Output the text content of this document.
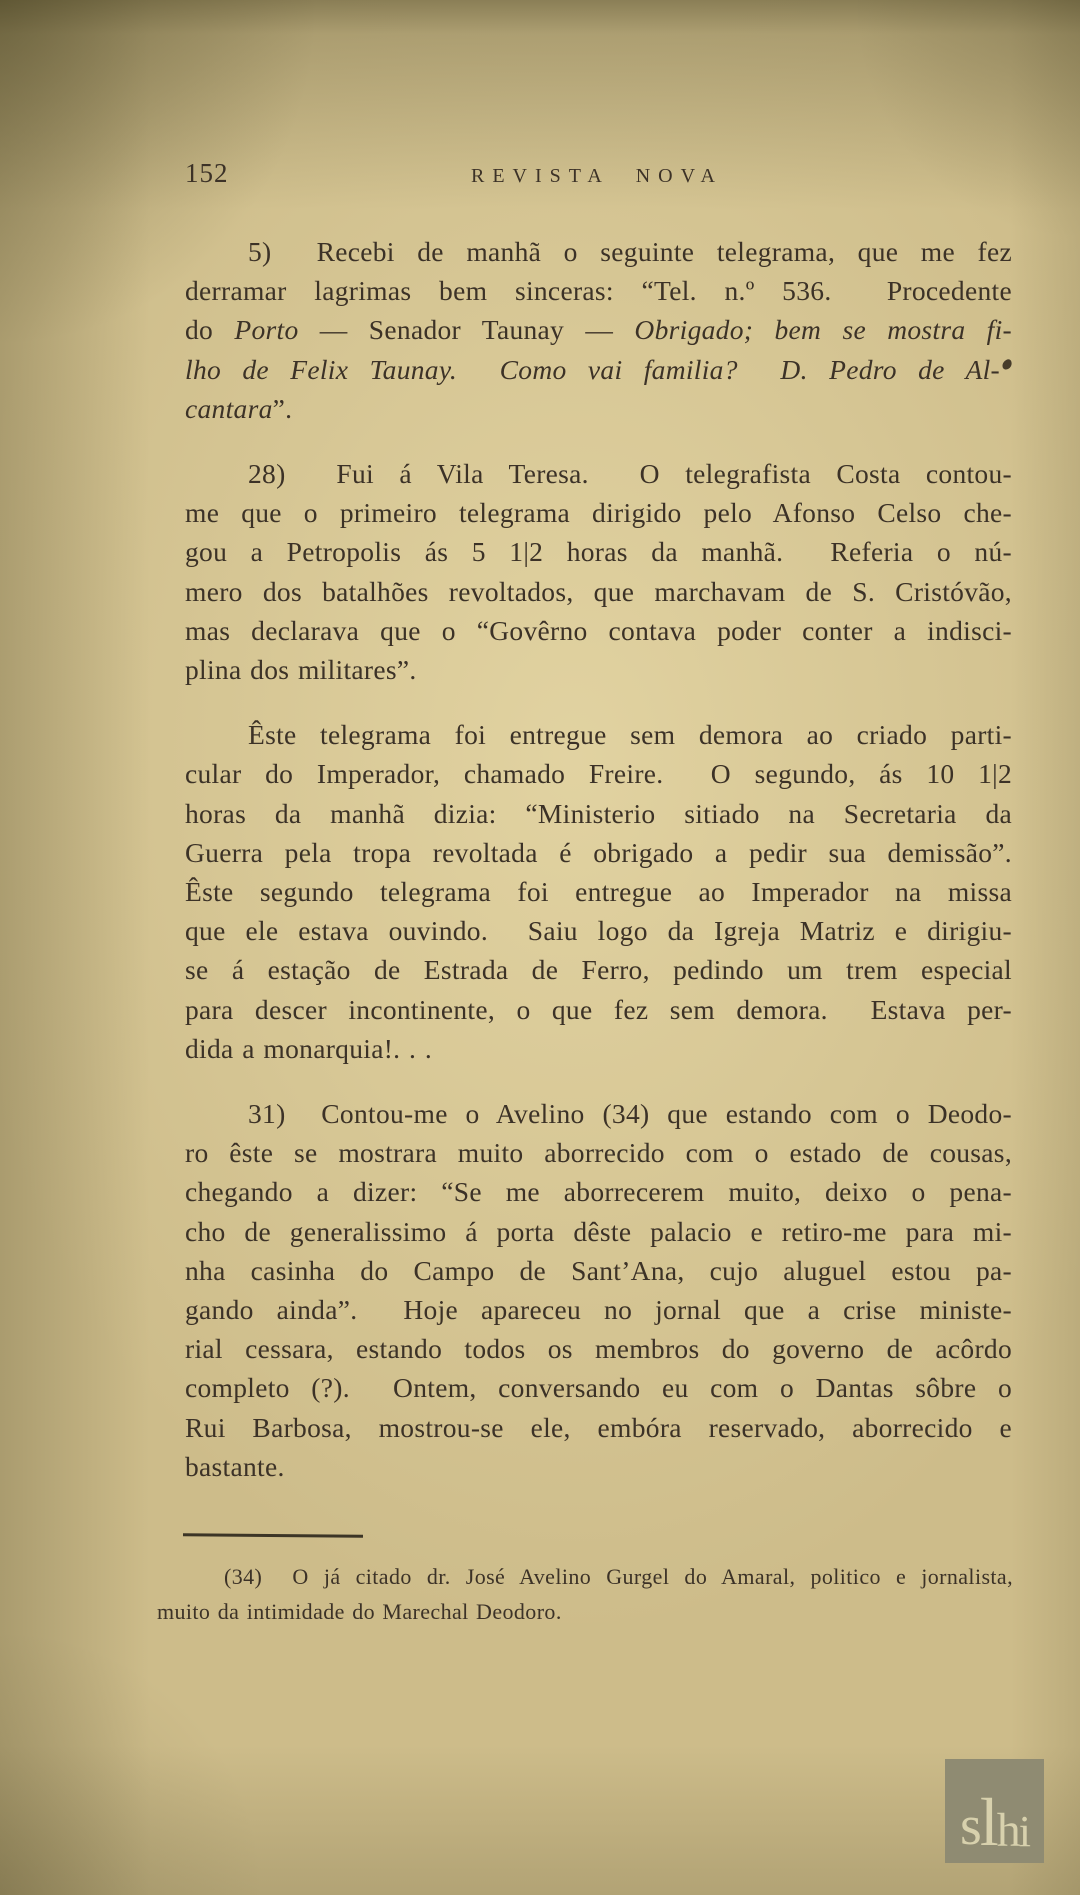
152	REVISTA NOVA
5)  Recebi de manhã o seguinte telegrama, que me fez
derramar lagrimas bem sinceras: “Tel. n.º 536.  Procedente
do Porto — Senador Taunay — Obrigado; bem se mostra fi-
lho de Felix Taunay.  Como vai familia?  D. Pedro de Al-
cantara”.
28)  Fui á Vila Teresa.  O telegrafista Costa contou-
me que o primeiro telegrama dirigido pelo Afonso Celso che-
gou a Petropolis ás 5 1|2 horas da manhã.  Referia o nú-
mero dos batalhões revoltados, que marchavam de S. Cristóvão,
mas declarava que o “Govêrno contava poder conter a indisci-
plina dos militares”.
Êste telegrama foi entregue sem demora ao criado parti-
cular do Imperador, chamado Freire.  O segundo, ás 10 1|2
horas da manhã dizia: “Ministerio sitiado na Secretaria da
Guerra pela tropa revoltada é obrigado a pedir sua demissão”.
Êste segundo telegrama foi entregue ao Imperador na missa
que ele estava ouvindo.  Saiu logo da Igreja Matriz e dirigiu-
se á estação de Estrada de Ferro, pedindo um trem especial
para descer incontinente, o que fez sem demora.  Estava per-
dida a monarquia!. . .
31)  Contou-me o Avelino (34) que estando com o Deodo-
ro êste se mostrara muito aborrecido com o estado de cousas,
chegando a dizer: “Se me aborrecerem muito, deixo o pena-
cho de generalissimo á porta dêste palacio e retiro-me para mi-
nha casinha do Campo de Sant’Ana, cujo aluguel estou pa-
gando ainda”.  Hoje apareceu no jornal que a crise ministe-
rial cessara, estando todos os membros do governo de acôrdo
completo (?).  Ontem, conversando eu com o Dantas sôbre o
Rui Barbosa, mostrou-se ele, embóra reservado, aborrecido e
bastante.
(34)  O já citado dr. José Avelino Gurgel do Amaral, politico e jornalista,
muito da intimidade do Marechal Deodoro.
s l h i
